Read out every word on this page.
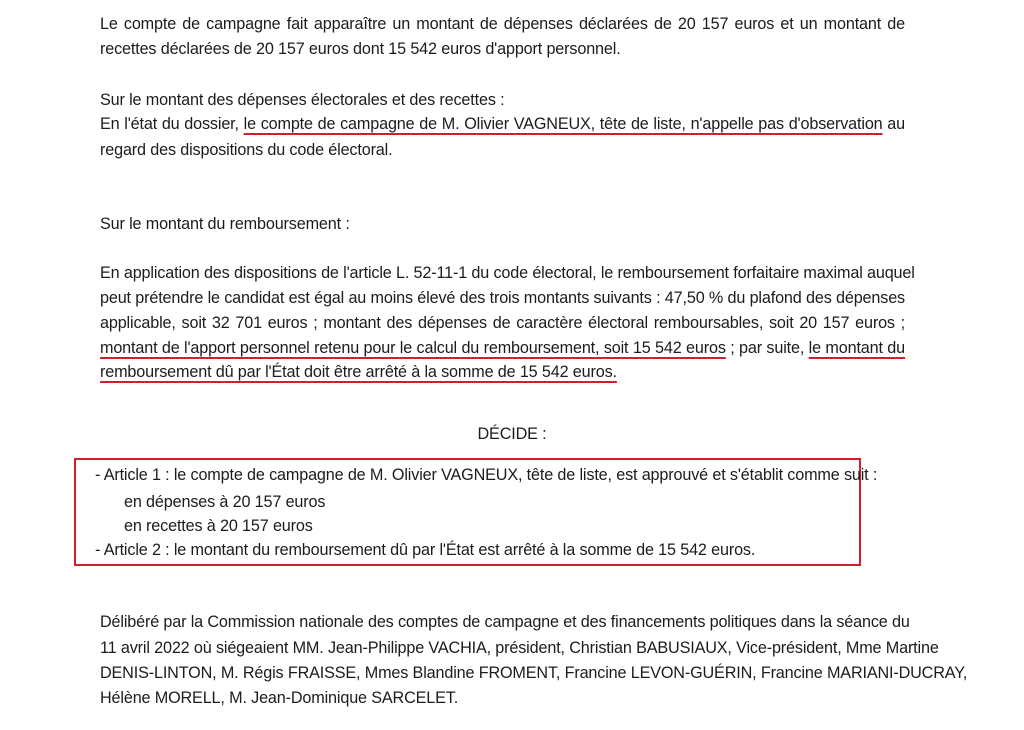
Le compte de campagne fait apparaître un montant de dépenses déclarées de 20 157 euros et un montant de
recettes déclarées de 20 157 euros dont 15 542 euros d'apport personnel.
Sur le montant des dépenses électorales et des recettes :
En l'état du dossier, le compte de campagne de M. Olivier VAGNEUX, tête de liste, n'appelle pas d'observation au
regard des dispositions du code électoral.
Sur le montant du remboursement :
En application des dispositions de l'article L. 52-11-1 du code électoral, le remboursement forfaitaire maximal auquel
peut prétendre le candidat est égal au moins élevé des trois montants suivants : 47,50 % du plafond des dépenses
applicable, soit 32 701 euros ; montant des dépenses de caractère électoral remboursables, soit 20 157 euros ;
montant de l'apport personnel retenu pour le calcul du remboursement, soit 15 542 euros ; par suite, le montant du
remboursement dû par l'État doit être arrêté à la somme de 15 542 euros.
DÉCIDE :
- Article 1 : le compte de campagne de M. Olivier VAGNEUX, tête de liste, est approuvé et s'établit comme suit :
en dépenses à 20 157 euros
en recettes à 20 157 euros
- Article 2 : le montant du remboursement dû par l'État est arrêté à la somme de 15 542 euros.
Délibéré par la Commission nationale des comptes de campagne et des financements politiques dans la séance du
11 avril 2022 où siégeaient MM. Jean-Philippe VACHIA, président, Christian BABUSIAUX, Vice-président, Mme Martine
DENIS-LINTON, M. Régis FRAISSE, Mmes Blandine FROMENT, Francine LEVON-GUÉRIN, Francine MARIANI-DUCRAY,
Hélène MORELL, M. Jean-Dominique SARCELET.
